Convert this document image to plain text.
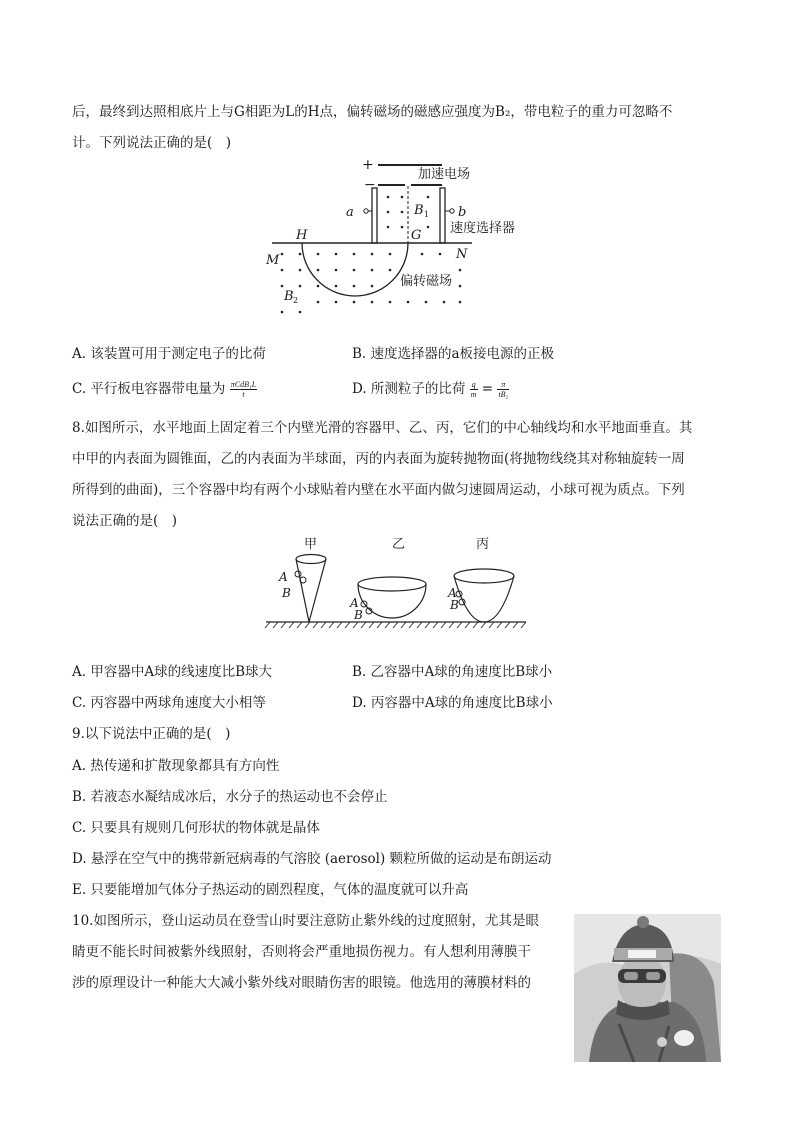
后，最终到达照相底片上与G相距为L的H点，偏转磁场的磁感应强度为B₂，带电粒子的重力可忽略不
计。下列说法正确的是(　)
+
−
加速电场
a	b
B 1
速度选择器
H	G
M	N
偏转磁场
B 2
A. 该装置可用于测定电子的比荷	B. 速度选择器的a板接电源的正极
C. 平行板电容器带电量为 $\frac{\text{πCdB₁L}}{t}$	D. 所测粒子的比荷 $\frac{q}{m} = \frac{\pi}{\text{tB₂}}$
8.如图所示，水平地面上固定着三个内壁光滑的容器甲、乙、丙，它们的中心轴线均和水平地面垂直。其
中甲的内表面为圆锥面，乙的内表面为半球面，丙的内表面为旋转抛物面(将抛物线绕其对称轴旋转一周
所得到的曲面)，三个容器中均有两个小球贴着内壁在水平面内做匀速圆周运动，小球可视为质点。下列
说法正确的是(　)
甲	乙	丙
A
B
A
B
A
B
A. 甲容器中A球的线速度比B球大	B. 乙容器中A球的角速度比B球小
C. 丙容器中两球角速度大小相等	D. 丙容器中A球的角速度比B球小
9.以下说法中正确的是(　)
A. 热传递和扩散现象都具有方向性
B. 若液态水凝结成冰后，水分子的热运动也不会停止
C. 只要具有规则几何形状的物体就是晶体
D. 悬浮在空气中的携带新冠病毒的气溶胶 (aerosol) 颗粒所做的运动是布朗运动
E. 只要能增加气体分子热运动的剧烈程度，气体的温度就可以升高
10.如图所示，登山运动员在登雪山时要注意防止紫外线的过度照射，尤其是眼
睛更不能长时间被紫外线照射，否则将会严重地损伤视力。有人想利用薄膜干
涉的原理设计一种能大大减小紫外线对眼睛伤害的眼镜。他选用的薄膜材料的
